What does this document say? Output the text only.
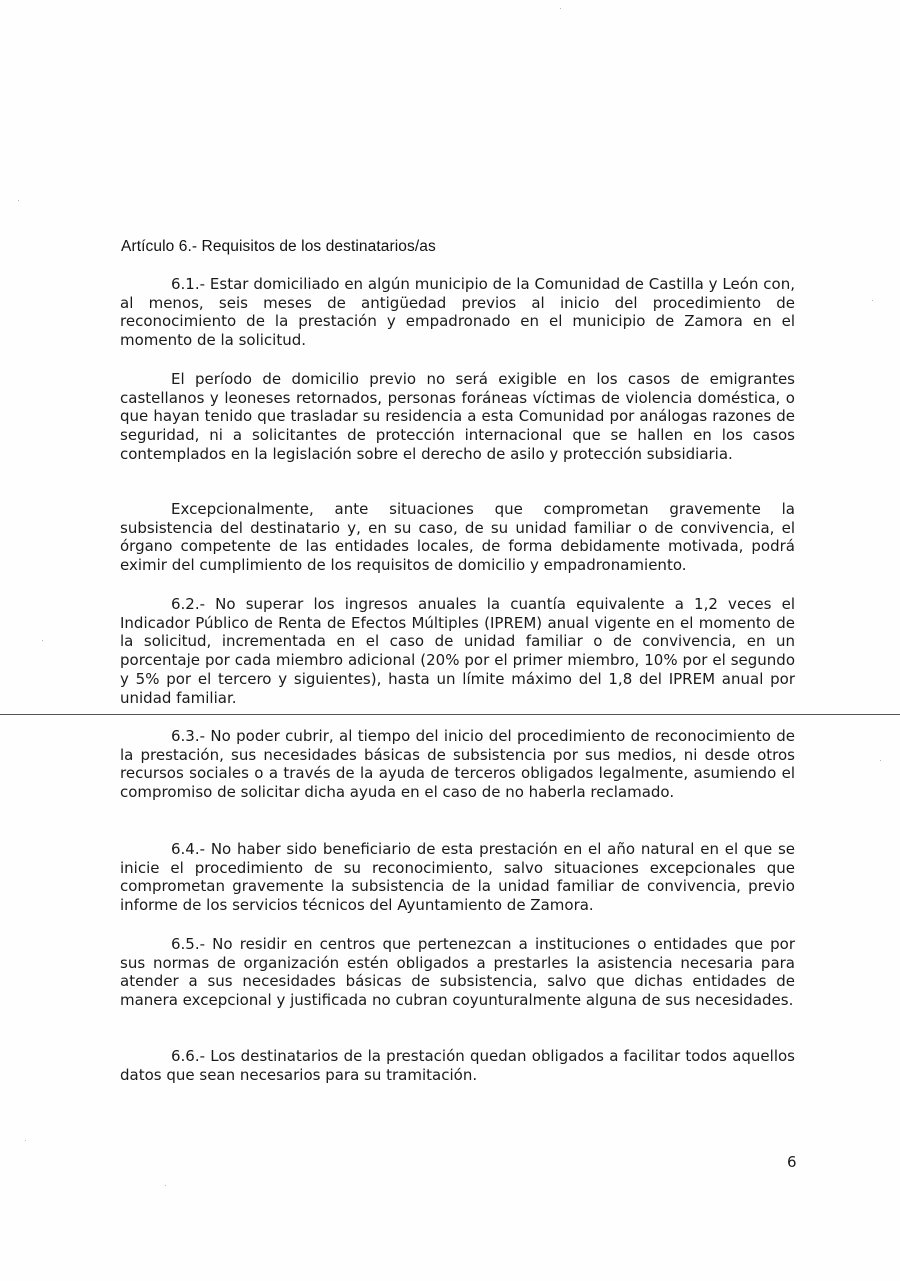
Artículo 6.- Requisitos de los destinatarios/as

6.1.- Estar domiciliado en algún municipio de la Comunidad de Castilla y León con, al menos, seis meses de antigüedad previos al inicio del procedimiento de reconocimiento de la prestación y empadronado en el municipio de Zamora en el momento de la solicitud.

El período de domicilio previo no será exigible en los casos de emigrantes castellanos y leoneses retornados, personas foráneas víctimas de violencia doméstica, o que hayan tenido que trasladar su residencia a esta Comunidad por análogas razones de seguridad, ni a solicitantes de protección internacional que se hallen en los casos contemplados en la legislación sobre el derecho de asilo y protección subsidiaria.

Excepcionalmente, ante situaciones que comprometan gravemente la subsistencia del destinatario y, en su caso, de su unidad familiar o de convivencia, el órgano competente de las entidades locales, de forma debidamente motivada, podrá eximir del cumplimiento de los requisitos de domicilio y empadronamiento.

6.2.- No superar los ingresos anuales la cuantía equivalente a 1,2 veces el Indicador Público de Renta de Efectos Múltiples (IPREM) anual vigente en el momento de la solicitud, incrementada en el caso de unidad familiar o de convivencia, en un porcentaje por cada miembro adicional (20% por el primer miembro, 10% por el segundo y 5% por el tercero y siguientes), hasta un límite máximo del 1,8 del IPREM anual por unidad familiar.

6.3.- No poder cubrir, al tiempo del inicio del procedimiento de reconocimiento de la prestación, sus necesidades básicas de subsistencia por sus medios, ni desde otros recursos sociales o a través de la ayuda de terceros obligados legalmente, asumiendo el compromiso de solicitar dicha ayuda en el caso de no haberla reclamado.

6.4.- No haber sido beneficiario de esta prestación en el año natural en el que se inicie el procedimiento de su reconocimiento, salvo situaciones excepcionales que comprometan gravemente la subsistencia de la unidad familiar de convivencia, previo informe de los servicios técnicos del Ayuntamiento de Zamora.

6.5.- No residir en centros que pertenezcan a instituciones o entidades que por sus normas de organización estén obligados a prestarles la asistencia necesaria para atender a sus necesidades básicas de subsistencia, salvo que dichas entidades de manera excepcional y justificada no cubran coyunturalmente alguna de sus necesidades.

6.6.- Los destinatarios de la prestación quedan obligados a facilitar todos aquellos datos que sean necesarios para su tramitación.

6
